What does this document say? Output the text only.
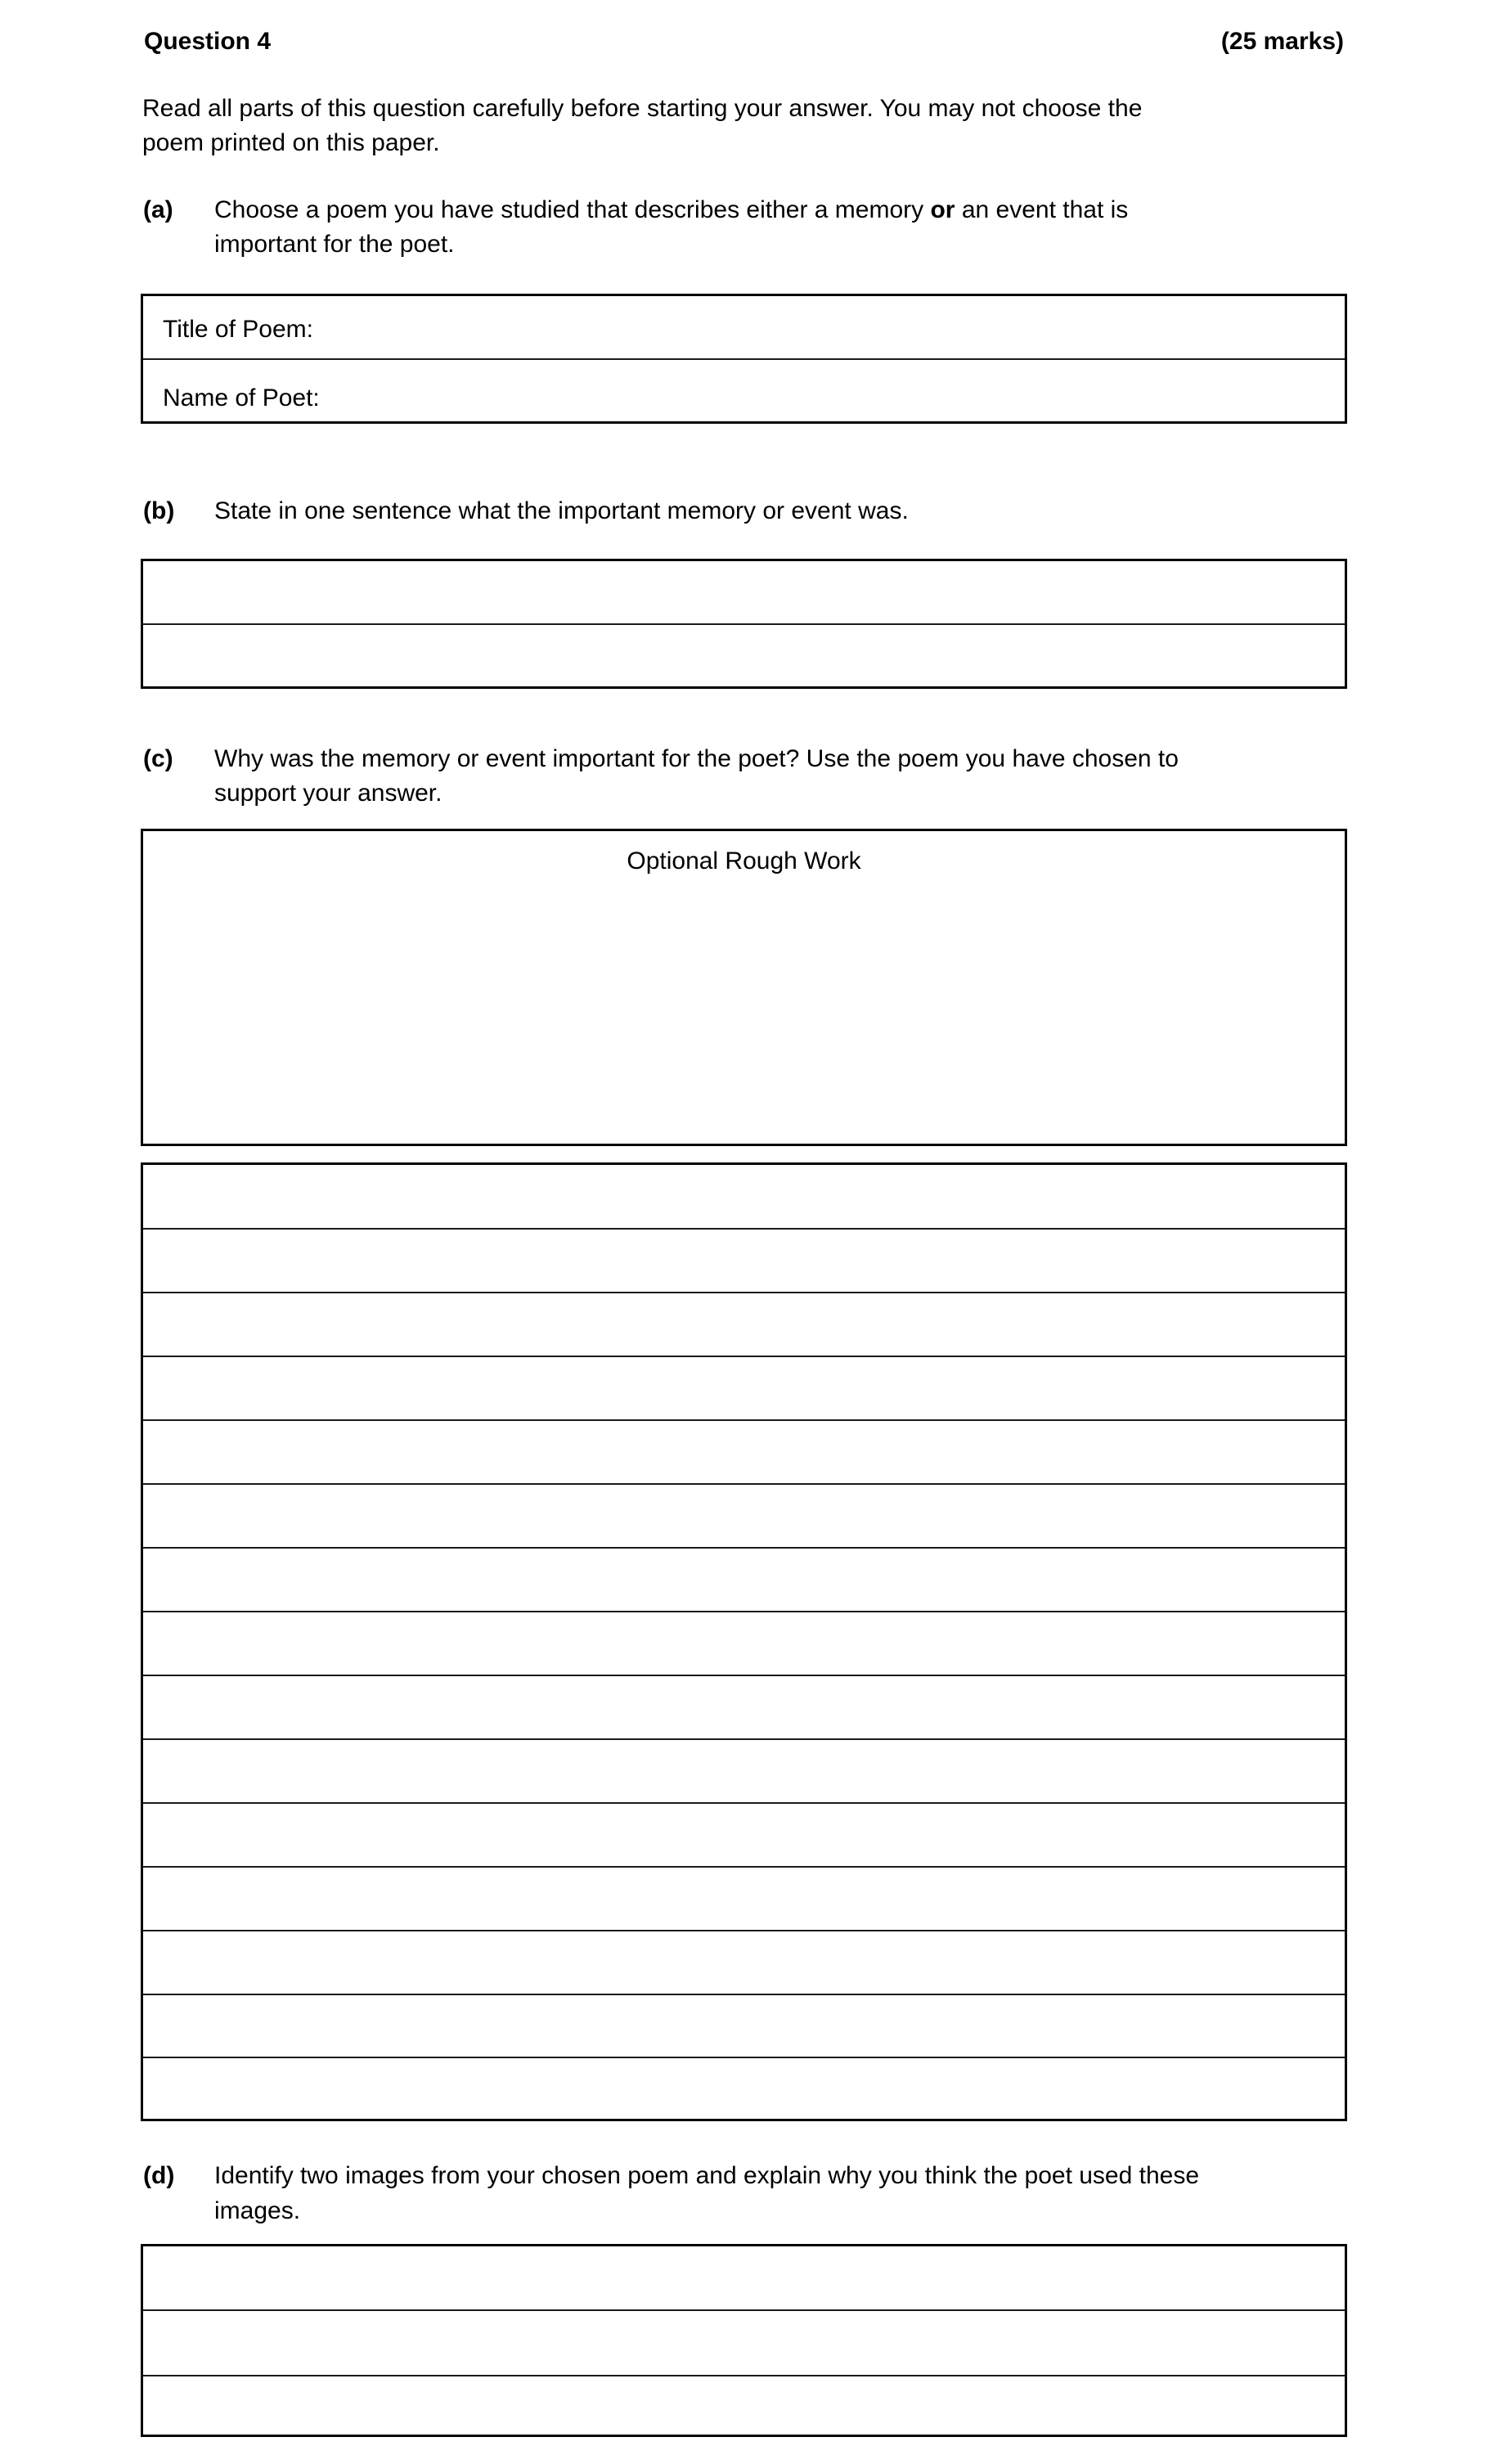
Question 4	(25 marks)
Read all parts of this question carefully before starting your answer. You may not choose the
poem printed on this paper.
(a) Choose a poem you have studied that describes either a memory or an event that is
important for the poet.
Title of Poem:
Name of Poet:
(b) State in one sentence what the important memory or event was.
(c) Why was the memory or event important for the poet? Use the poem you have chosen to
support your answer.
Optional Rough Work
(d) Identify two images from your chosen poem and explain why you think the poet used these
images.
